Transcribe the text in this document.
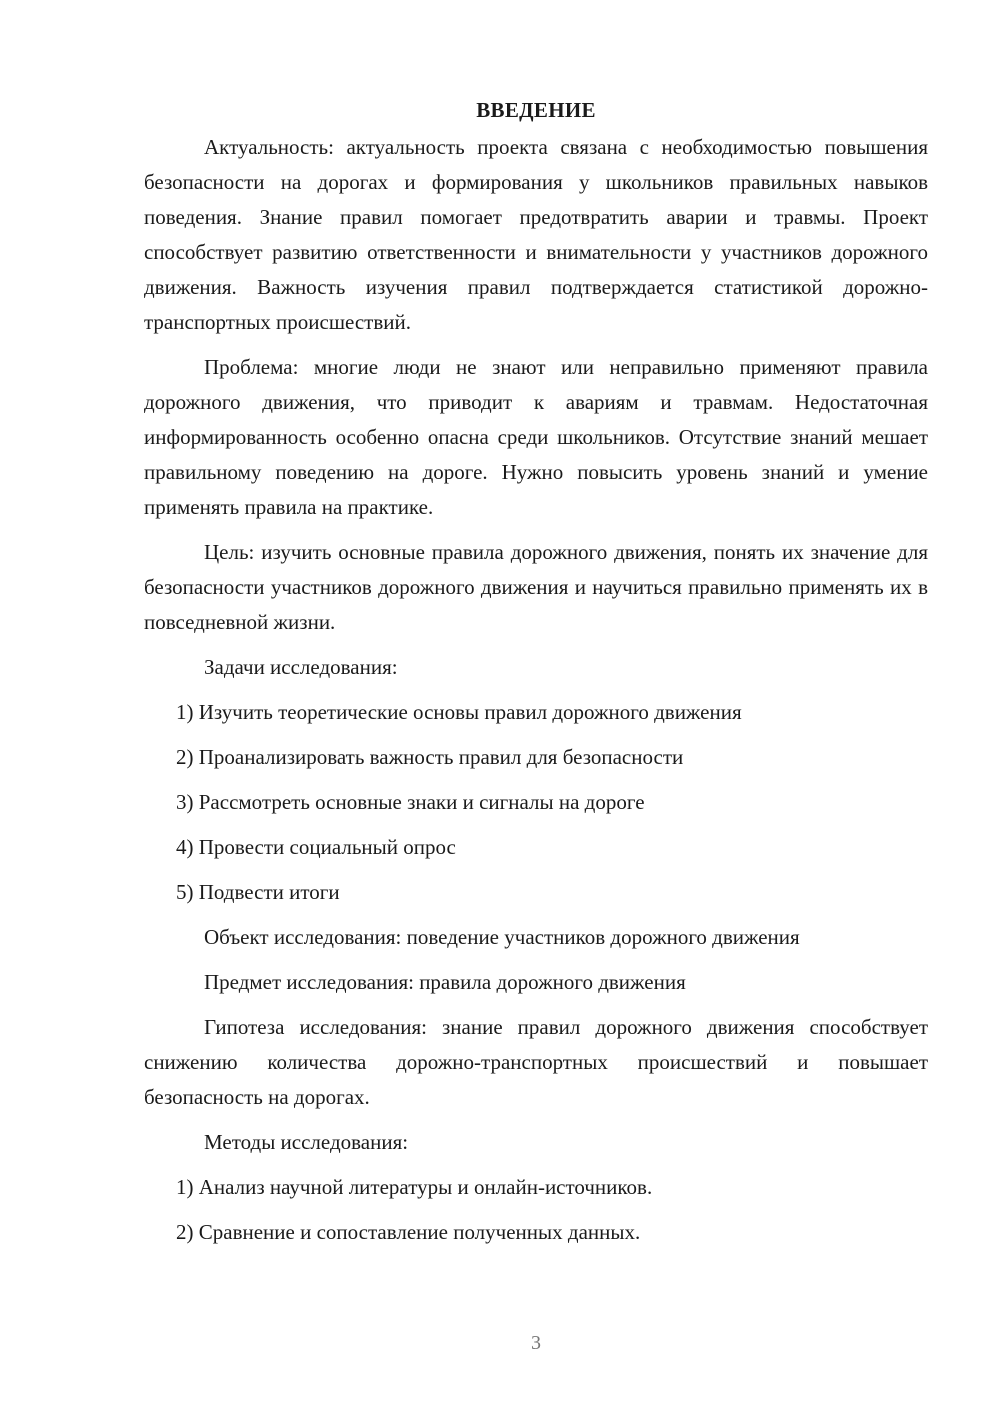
ВВЕДЕНИЕ

Актуальность: актуальность проекта связана с необходимостью повышения безопасности на дорогах и формирования у школьников правильных навыков поведения. Знание правил помогает предотвратить аварии и травмы. Проект способствует развитию ответственности и внимательности у участников дорожного движения. Важность изучения правил подтверждается статистикой дорожно-транспортных происшествий.

Проблема: многие люди не знают или неправильно применяют правила дорожного движения, что приводит к авариям и травмам. Недостаточная информированность особенно опасна среди школьников. Отсутствие знаний мешает правильному поведению на дороге. Нужно повысить уровень знаний и умение применять правила на практике.

Цель: изучить основные правила дорожного движения, понять их значение для безопасности участников дорожного движения и научиться правильно применять их в повседневной жизни.

Задачи исследования:
1) Изучить теоретические основы правил дорожного движения
2) Проанализировать важность правил для безопасности
3) Рассмотреть основные знаки и сигналы на дороге
4) Провести социальный опрос
5) Подвести итоги
Объект исследования: поведение участников дорожного движения
Предмет исследования: правила дорожного движения

Гипотеза исследования: знание правил дорожного движения способствует снижению количества дорожно-транспортных происшествий и повышает безопасность на дорогах.

Методы исследования:
1) Анализ научной литературы и онлайн-источников.
2) Сравнение и сопоставление полученных данных.
3
